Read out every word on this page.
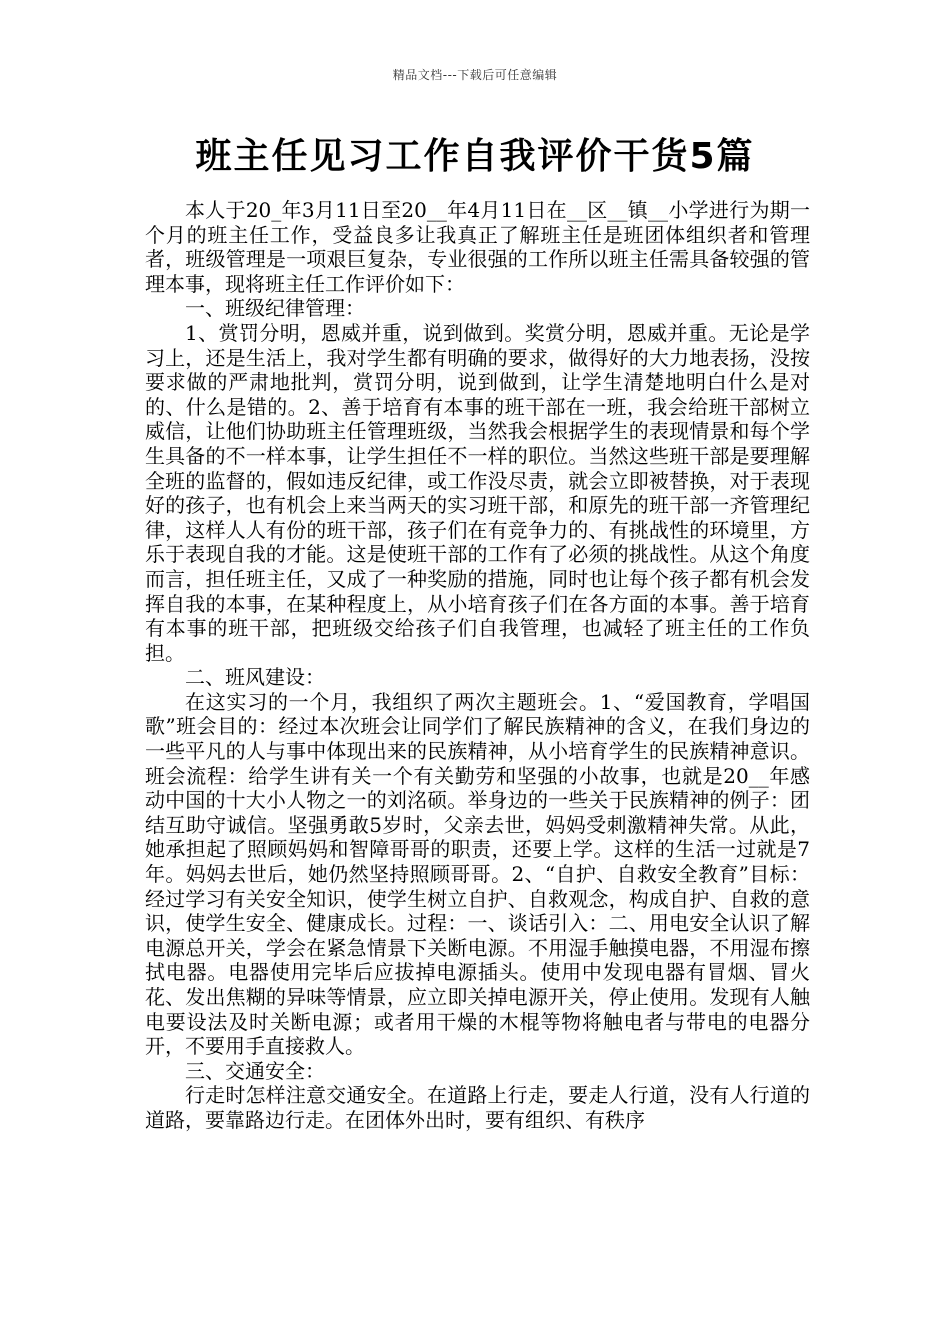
精品文档---下载后可任意编辑
班主任见习工作自我评价干货5篇

本人于20_年3月11日至20__年4月11日在__区__镇__小学进行为期一个月的班主任工作，受益良多让我真正了解班主任是班团体组织者和管理者，班级管理是一项艰巨复杂，专业很强的工作所以班主任需具备较强的管理本事，现将班主任工作评价如下：

一、班级纪律管理：

1、赏罚分明，恩威并重，说到做到。奖赏分明，恩威并重。无论是学习上，还是生活上，我对学生都有明确的要求，做得好的大力地表扬，没按要求做的严肃地批判，赏罚分明，说到做到，让学生清楚地明白什么是对的、什么是错的。2、善于培育有本事的班干部在一班，我会给班干部树立威信，让他们协助班主任管理班级，当然我会根据学生的表现情景和每个学生具备的不一样本事，让学生担任不一样的职位。当然这些班干部是要理解全班的监督的，假如违反纪律，或工作没尽责，就会立即被替换，对于表现好的孩子，也有机会上来当两天的实习班干部，和原先的班干部一齐管理纪律，这样人人有份的班干部，孩子们在有竞争力的、有挑战性的环境里，方乐于表现自我的才能。这是使班干部的工作有了必须的挑战性。从这个角度而言，担任班主任，又成了一种奖励的措施，同时也让每个孩子都有机会发挥自我的本事，在某种程度上，从小培育孩子们在各方面的本事。善于培育有本事的班干部，把班级交给孩子们自我管理，也减轻了班主任的工作负担。

二、班风建设：

在这实习的一个月，我组织了两次主题班会。1、“爱国教育，学唱国歌”班会目的：经过本次班会让同学们了解民族精神的含义，在我们身边的一些平凡的人与事中体现出来的民族精神，从小培育学生的民族精神意识。班会流程：给学生讲有关一个有关勤劳和坚强的小故事，也就是20__年感动中国的十大小人物之一的刘洺硕。举身边的一些关于民族精神的例子：团结互助守诚信。坚强勇敢5岁时，父亲去世，妈妈受刺激精神失常。从此，她承担起了照顾妈妈和智障哥哥的职责，还要上学。这样的生活一过就是7年。妈妈去世后，她仍然坚持照顾哥哥。2、“自护、自救安全教育”目标：经过学习有关安全知识，使学生树立自护、自救观念，构成自护、自救的意识，使学生安全、健康成长。过程：一、谈话引入：二、用电安全认识了解电源总开关，学会在紧急情景下关断电源。不用湿手触摸电器，不用湿布擦拭电器。电器使用完毕后应拔掉电源插头。使用中发现电器有冒烟、冒火花、发出焦糊的异味等情景，应立即关掉电源开关，停止使用。发现有人触电要设法及时关断电源；或者用干燥的木棍等物将触电者与带电的电器分开，不要用手直接救人。

三、交通安全：

行走时怎样注意交通安全。在道路上行走，要走人行道，没有人行道的道路，要靠路边行走。在团体外出时，要有组织、有秩序
